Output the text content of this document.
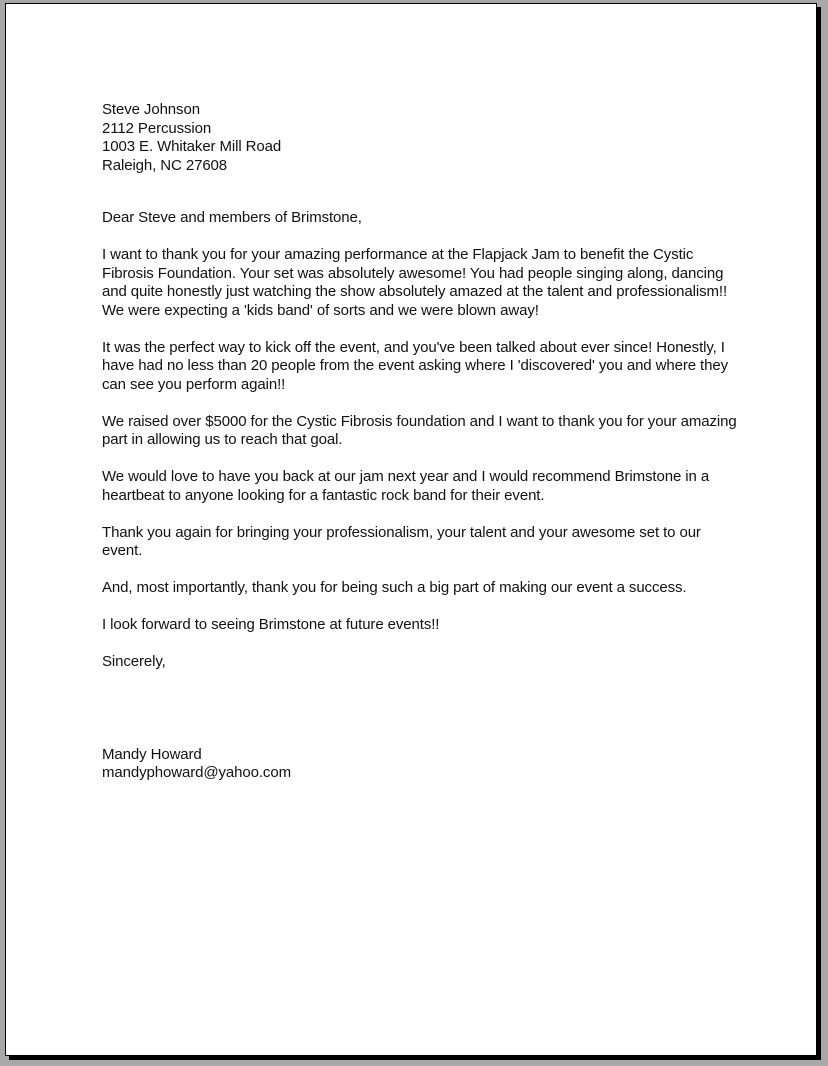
Steve Johnson
2112 Percussion
1003 E. Whitaker Mill Road
Raleigh, NC 27608

Dear Steve and members of Brimstone,

I want to thank you for your amazing performance at the Flapjack Jam to benefit the Cystic Fibrosis Foundation. Your set was absolutely awesome! You had people singing along, dancing and quite honestly just watching the show absolutely amazed at the talent and professionalism!! We were expecting a 'kids band' of sorts and we were blown away!

It was the perfect way to kick off the event, and you've been talked about ever since! Honestly, I have had no less than 20 people from the event asking where I 'discovered' you and where they can see you perform again!!

We raised over $5000 for the Cystic Fibrosis foundation and I want to thank you for your amazing part in allowing us to reach that goal.

We would love to have you back at our jam next year and I would recommend Brimstone in a heartbeat to anyone looking for a fantastic rock band for their event.

Thank you again for bringing your professionalism, your talent and your awesome set to our event.

And, most importantly, thank you for being such a big part of making our event a success.

I look forward to seeing Brimstone at future events!!

Sincerely,

Mandy Howard
mandyphoward@yahoo.com
